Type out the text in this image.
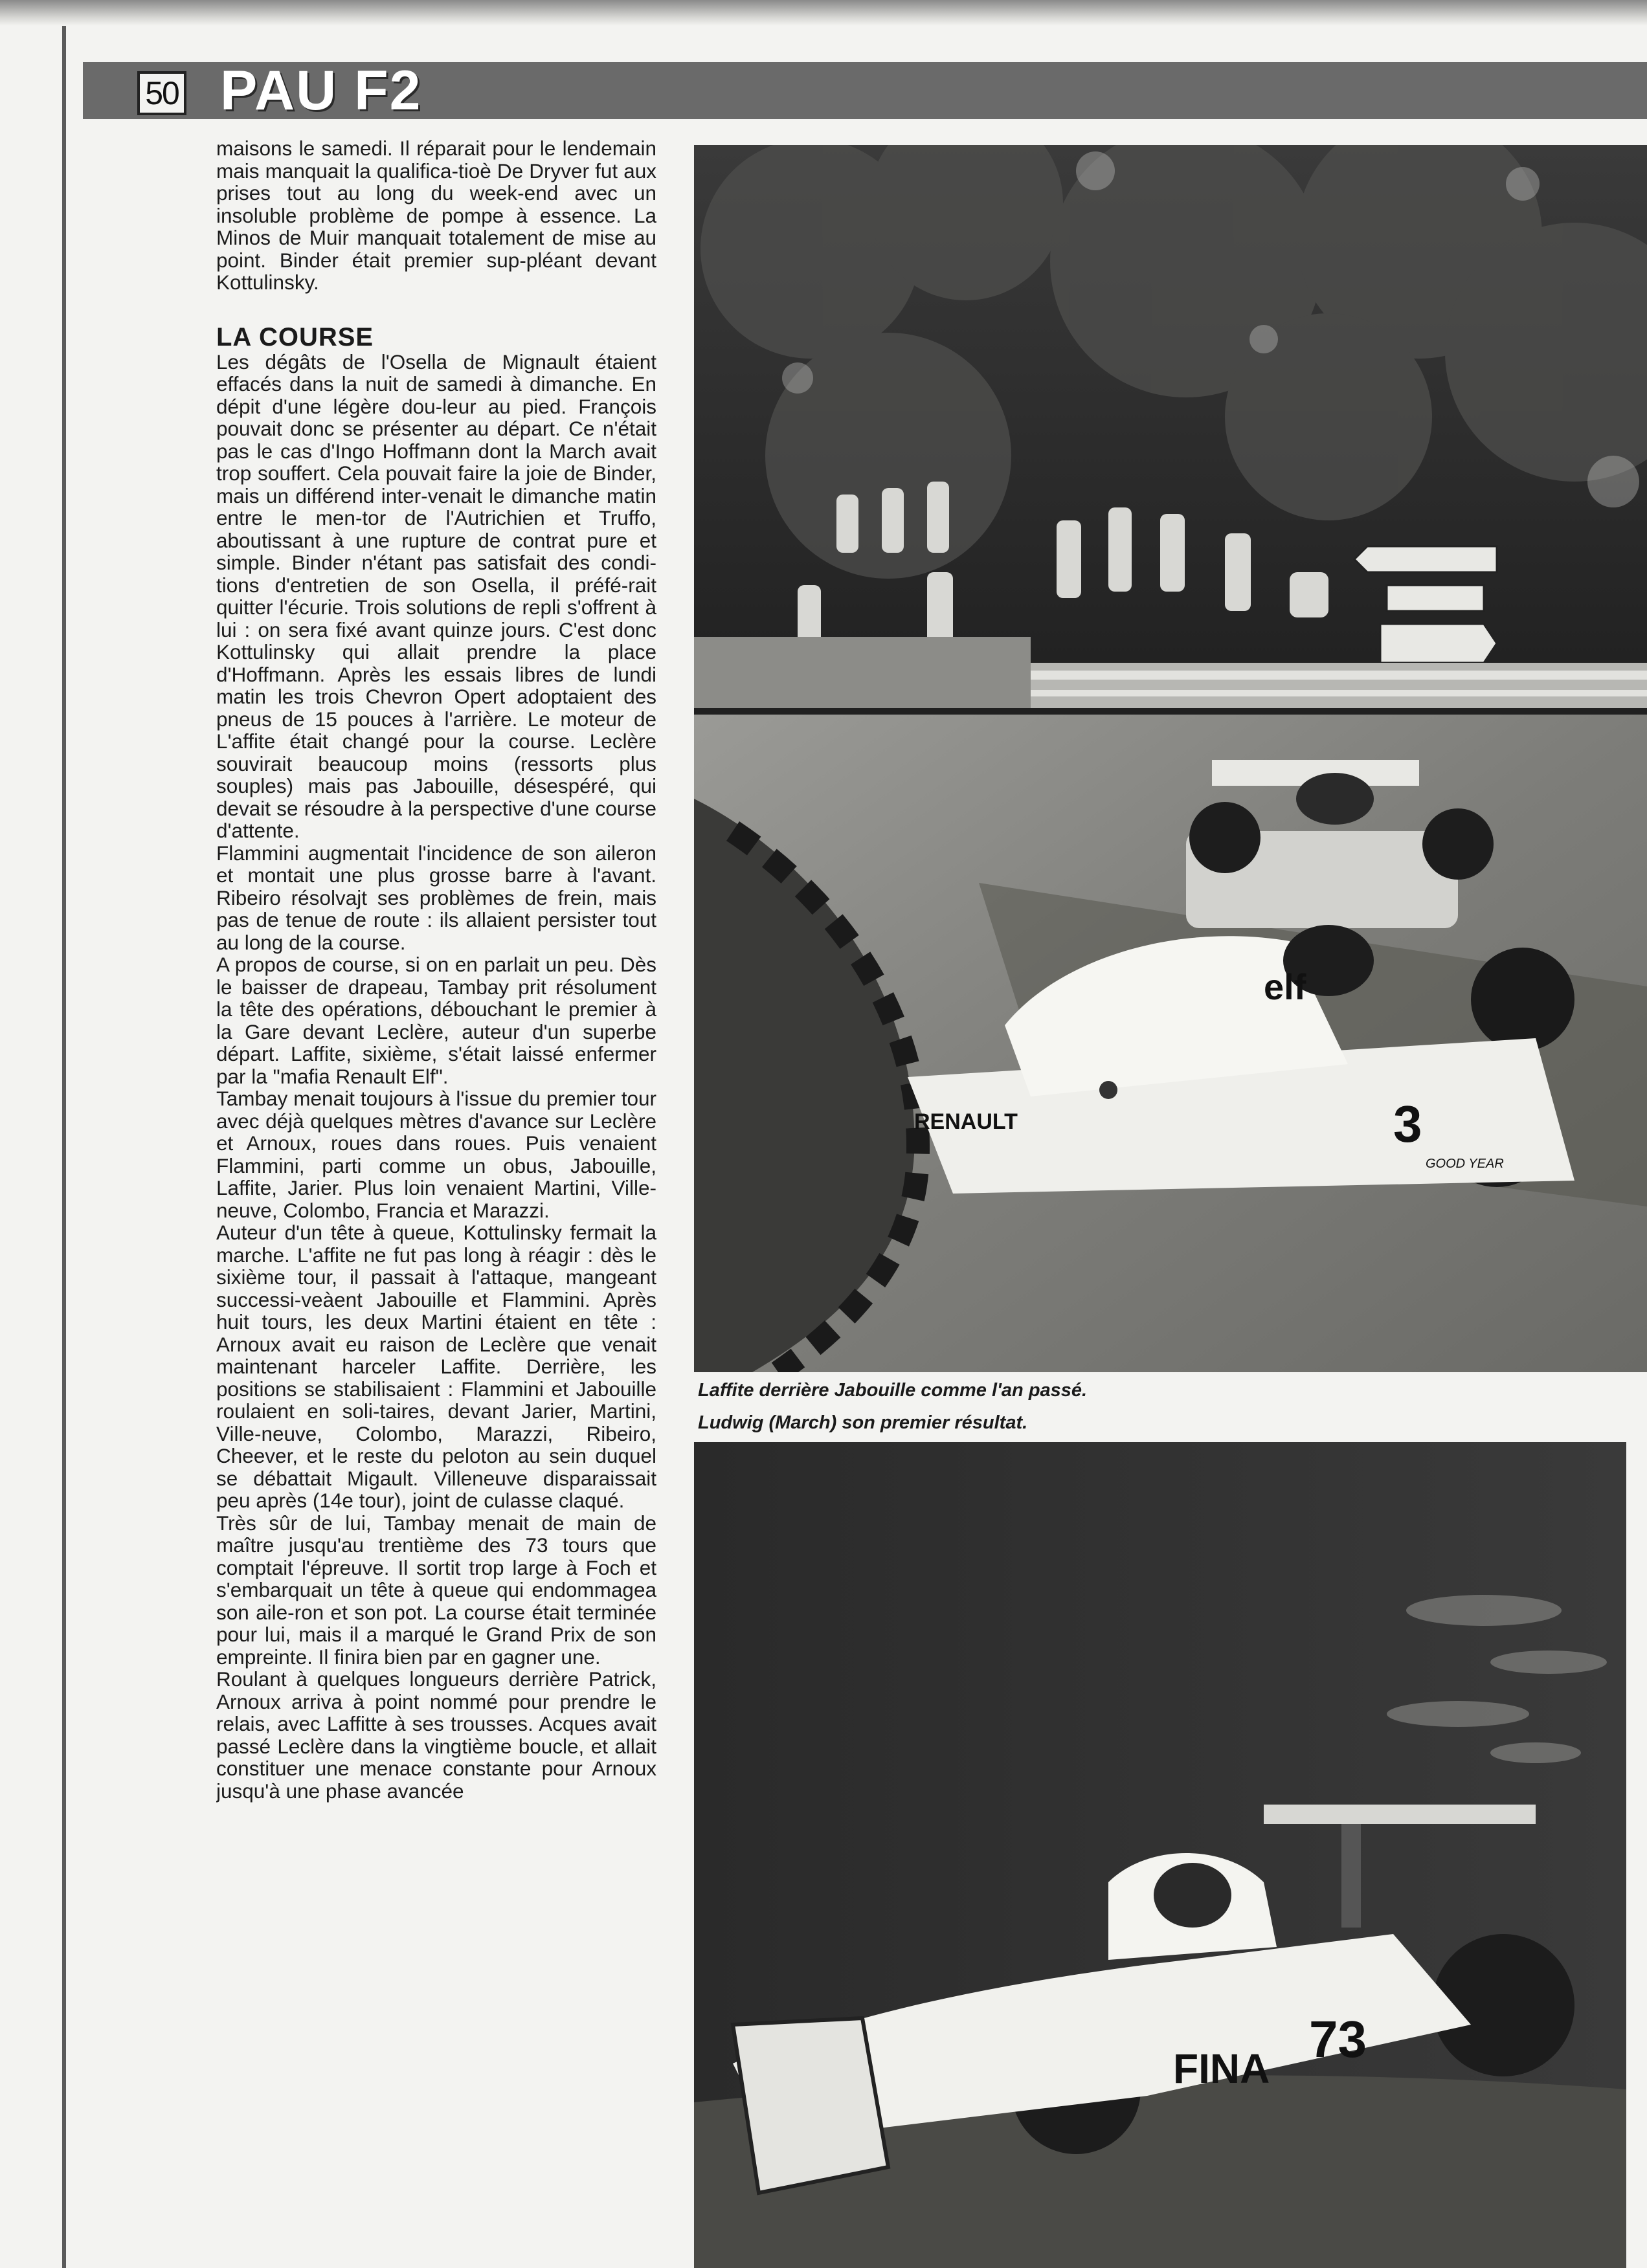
50 PAU F2

maisons le samedi. Il réparait pour le lendemain mais manquait la qualifica-tioè De Dryver fut aux prises tout au long du week-end avec un insoluble problème de pompe à essence. La Minos de Muir manquait totalement de mise au point. Binder était premier sup-pléant devant Kottulinsky.

LA COURSE

Les dégâts de l'Osella de Mignault étaient effacés dans la nuit de samedi à dimanche. En dépit d'une légère dou-leur au pied. François pouvait donc se présenter au départ. Ce n'était pas le cas d'Ingo Hoffmann dont la March avait trop souffert. Cela pouvait faire la joie de Binder, mais un différend inter-venait le dimanche matin entre le men-tor de l'Autrichien et Truffo, aboutissant à une rupture de contrat pure et simple. Binder n'étant pas satisfait des condi-tions d'entretien de son Osella, il préfé-rait quitter l'écurie. Trois solutions de repli s'offrent à lui : on sera fixé avant quinze jours. C'est donc Kottulinsky qui allait prendre la place d'Hoffmann. Après les essais libres de lundi matin les trois Chevron Opert adoptaient des pneus de 15 pouces à l'arrière. Le moteur de L'affite était changé pour la course. Leclère souvirait beaucoup moins (ressorts plus souples) mais pas Jabouille, désespéré, qui devait se résoudre à la perspective d'une course d'attente.

Flammini augmentait l'incidence de son aileron et montait une plus grosse barre à l'avant. Ribeiro résolvajt ses problèmes de frein, mais pas de tenue de route : ils allaient persister tout au long de la course.

A propos de course, si on en parlait un peu. Dès le baisser de drapeau, Tambay prit résolument la tête des opérations, débouchant le premier à la Gare devant Leclère, auteur d'un superbe départ. Laffite, sixième, s'était laissé enfermer par la "mafia Renault Elf".

Tambay menait toujours à l'issue du premier tour avec déjà quelques mètres d'avance sur Leclère et Arnoux, roues dans roues. Puis venaient Flammini, parti comme un obus, Jabouille, Laffite, Jarier. Plus loin venaient Martini, Ville-neuve, Colombo, Francia et Marazzi.

Auteur d'un tête à queue, Kottulinsky fermait la marche. L'affite ne fut pas long à réagir : dès le sixième tour, il passait à l'attaque, mangeant successi-veàent Jabouille et Flammini. Après huit tours, les deux Martini étaient en tête : Arnoux avait eu raison de Leclère que venait maintenant harceler Laffite. Derrière, les positions se stabilisaient : Flammini et Jabouille roulaient en soli-taires, devant Jarier, Martini, Ville-neuve, Colombo, Marazzi, Ribeiro, Cheever, et le reste du peloton au sein duquel se débattait Migault. Villeneuve disparaissait peu après (14e tour), joint de culasse claqué.

Très sûr de lui, Tambay menait de main de maître jusqu'au trentième des 73 tours que comptait l'épreuve. Il sortit trop large à Foch et s'embarquait un tête à queue qui endommagea son aile-ron et son pot. La course était terminée pour lui, mais il a marqué le Grand Prix de son empreinte. Il finira bien par en gagner une.

Roulant à quelques longueurs derrière Patrick, Arnoux arriva à point nommé pour prendre le relais, avec Laffitte à ses trousses. Acques avait passé Leclère dans la vingtième boucle, et allait constituer une menace constante pour Arnoux jusqu'à une phase avancée

RENAULT
elf
3
GOOD YEAR
Laffite derrière Jabouille comme l'an passé.
Ludwig (March) son premier résultat.
FINA
73
